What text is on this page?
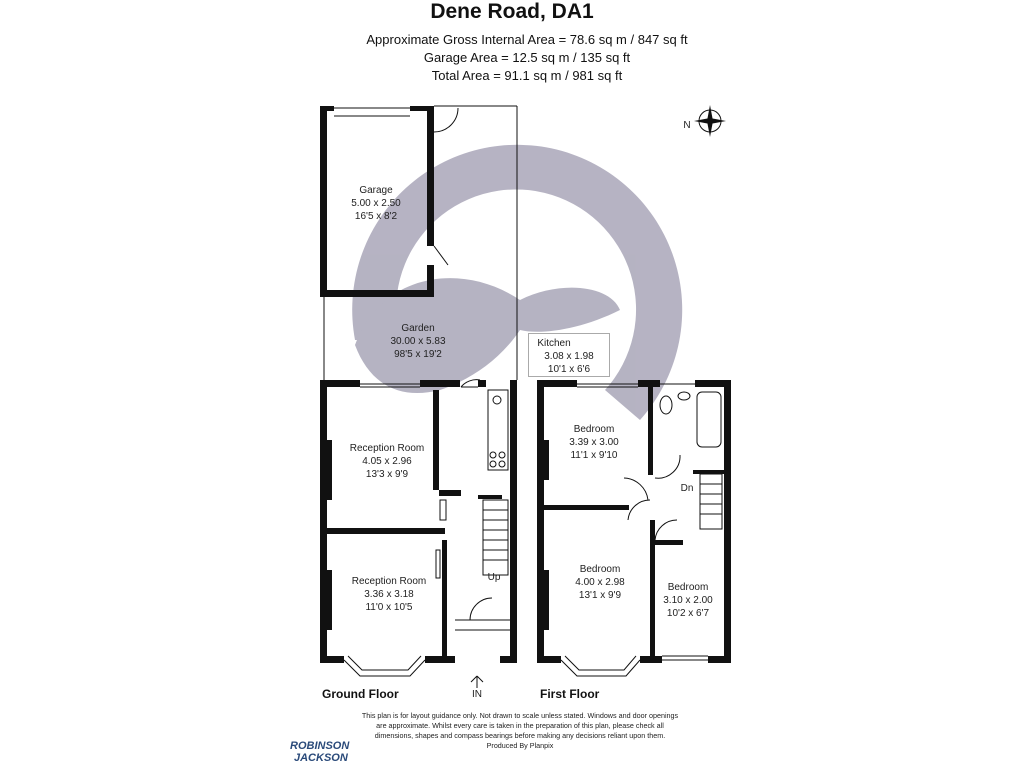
Dene Road, DA1
Approximate Gross Internal Area = 78.6 sq m / 847 sq ft
Garage Area = 12.5 sq m / 135 sq ft
Total Area = 91.1 sq m / 981 sq ft
N
Garage
5.00 x 2.50
16'5 x 8'2
Garden
30.00 x 5.83
98'5 x 19'2
Reception Room
4.05 x 2.96
13'3 x 9'9
Reception Room
3.36 x 3.18
11'0 x 10'5
Bedroom
3.39 x 3.00
11'1 x 9'10
Bedroom
4.00 x 2.98
13'1 x 9'9
Bedroom
3.10 x 2.00
10'2 x 6'7
Up
Dn
IN
Kitchen
3.08 x 1.98
10'1 x 6'6
Ground Floor	First Floor
This plan is for layout guidance only. Not drawn to scale unless stated. Windows and door openings
are approximate. Whilst every care is taken in the preparation of this plan, please check all
dimensions, shapes and compass bearings before making any decisions reliant upon them.
Produced By Planpix
ROBINSON
JACKSON
